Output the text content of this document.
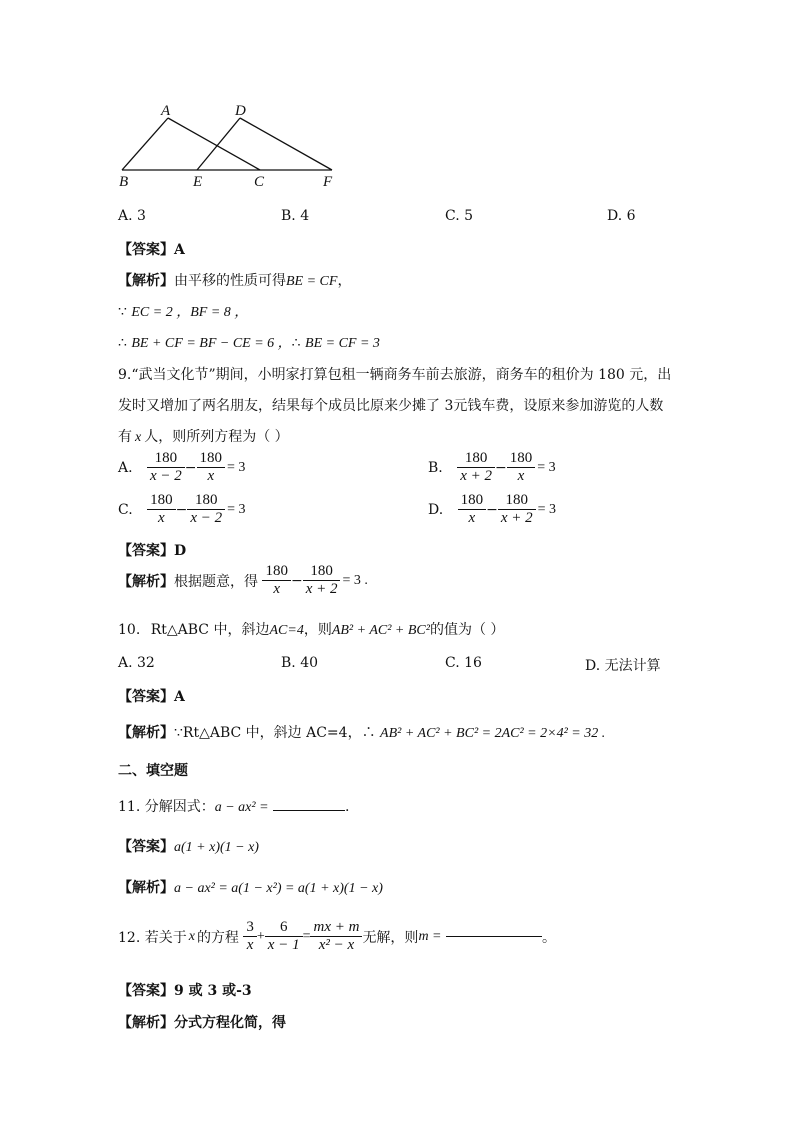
A	D
B	E	C	F
A. 3	B. 4	C. 5	D. 6
【答案】A
【解析】由平移的性质可得BE = CF，
∵ EC = 2 ，BF = 8 ，
∴ BE + CF = BF − CE = 6 ，∴ BE = CF = 3
9.“武当文化节”期间，小明家打算包租一辆商务车前去旅游，商务车的租价为 180 元，出
发时又增加了两名朋友，结果每个成员比原来少摊了 3元钱车费，设原来参加游览的人数
有 x 人，则所列方程为（ ）
A. $\frac{180}{x - 2} - \frac{180}{x} = 3$	B. $\frac{180}{x + 2} - \frac{180}{x} = 3$
C. $\frac{180}{x} - \frac{180}{x - 2} = 3$	D. $\frac{180}{x} - \frac{180}{x + 2} = 3$
【答案】D
【解析】根据题意，得 $\frac{180}{x} - \frac{180}{x + 2} = 3$ .
10. Rt△ABC 中，斜边AC=4，则AB² + AC² + BC²的值为（ ）
A. 32	B. 40	C. 16	D. 无法计算
【答案】A
【解析】∵Rt△ABC 中，斜边 AC=4，∴ AB² + AC² + BC² = 2AC² = 2×4² = 32 .
二、填空题
11. 分解因式：a − ax² =	.
【答案】a(1 + x)(1 − x)
【解析】a − ax² = a(1 − x²) = a(1 + x)(1 − x)
12. 若关于 x 的方程 $\frac{3}{x} + \frac{6}{x - 1} = \frac{mx + m}{\text{x² − x}}$ 无解，则m =	。
【答案】9 或 3 或-3
【解析】分式方程化简，得
